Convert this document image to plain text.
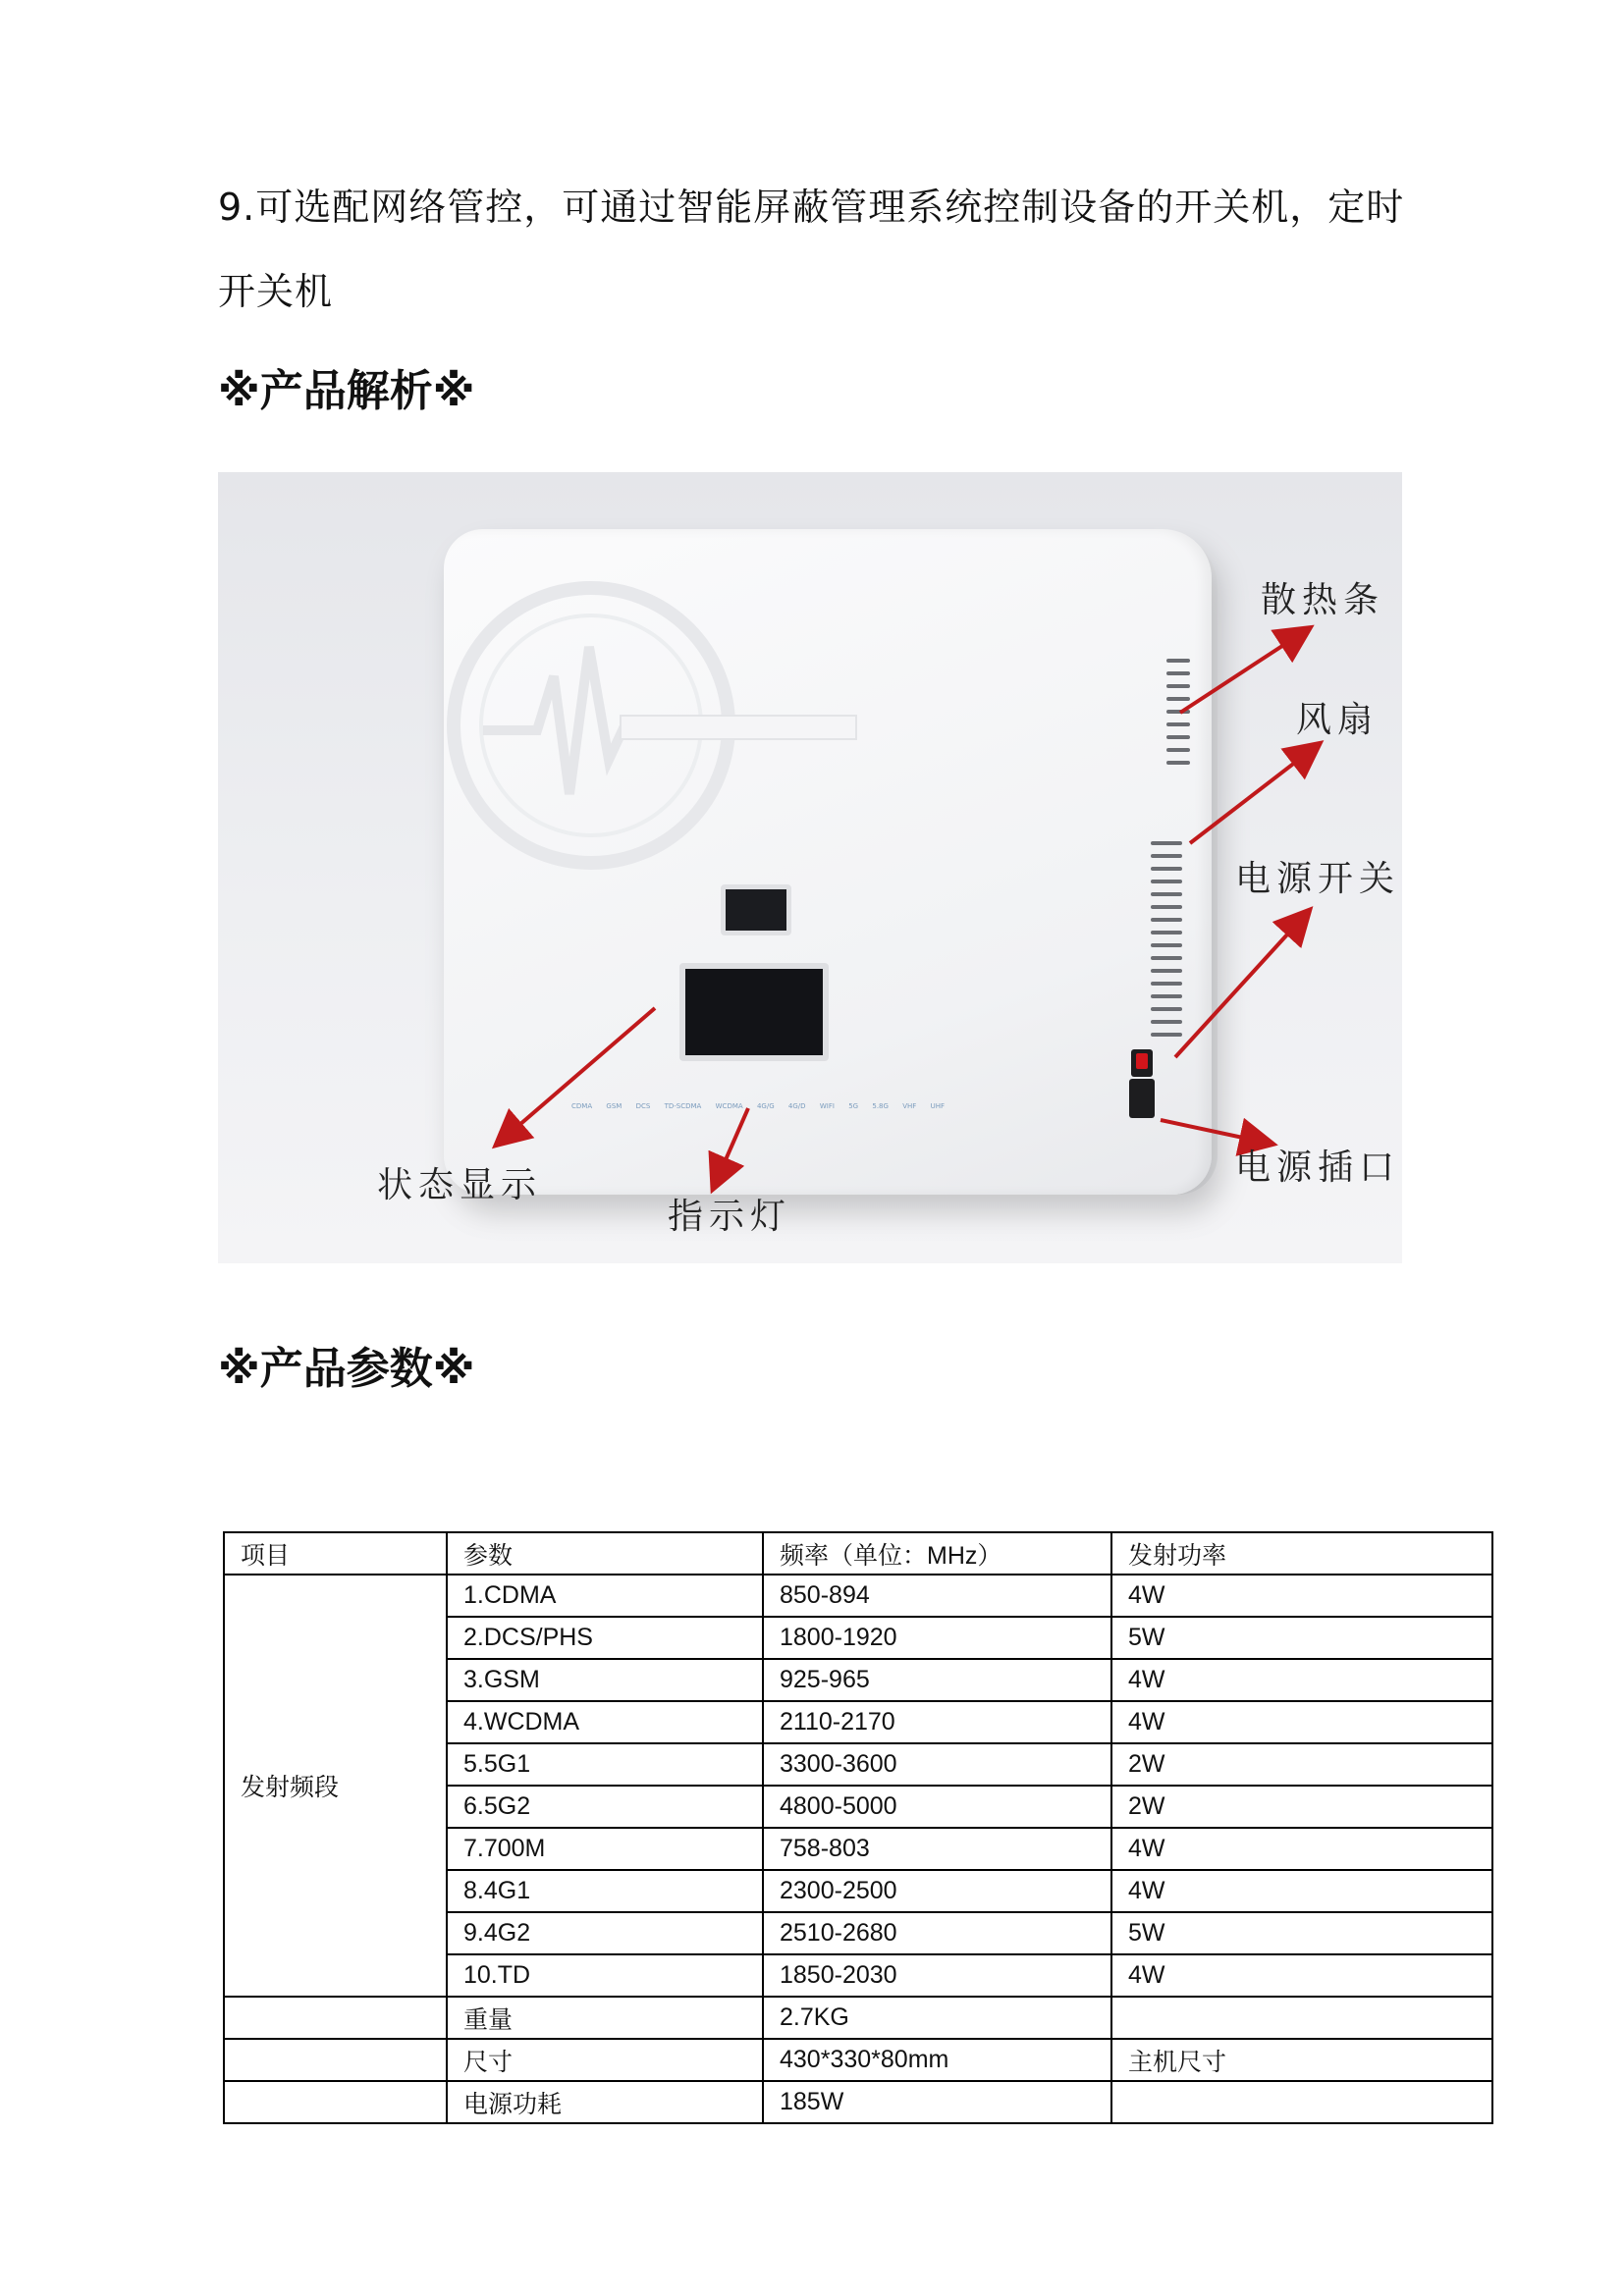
9.可选配网络管控，可通过智能屏蔽管理系统控制设备的开关机，定时开关机
※产品解析※
CDMA GSM DCS TD-SCDMA WCDMA 4G/G 4G/D WIFI 5G 5.8G VHF UHF
散热条
风扇
电源开关
电源插口
状态显示
指示灯
※产品参数※
项目	参数	频率（单位：MHz）	发射功率
发射频段	1.CDMA	850-894	4W
	2.DCS/PHS	1800-1920	5W
	3.GSM	925-965	4W
	4.WCDMA	2110-2170	4W
	5.5G1	3300-3600	2W
	6.5G2	4800-5000	2W
	7.700M	758-803	4W
	8.4G1	2300-2500	4W
	9.4G2	2510-2680	5W
	10.TD	1850-2030	4W
	重量	2.7KG	
	尺寸	430*330*80mm	主机尺寸
	电源功耗	185W	
